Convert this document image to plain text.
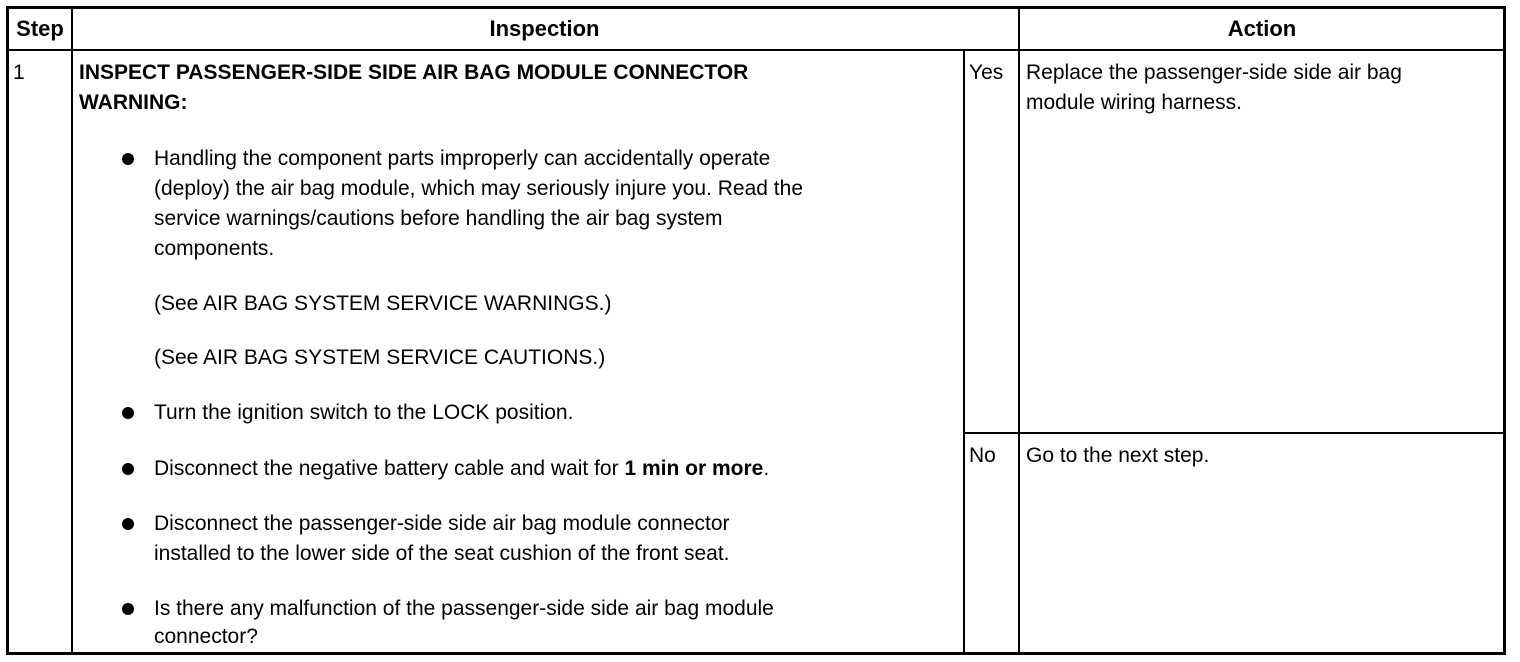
Step	Inspection	Action
1	INSPECT PASSENGER-SIDE SIDE AIR BAG MODULE CONNECTOR
WARNING:
Handling the component parts improperly can accidentally operate
(deploy) the air bag module, which may seriously injure you. Read the
service warnings/cautions before handling the air bag system
components.
(See AIR BAG SYSTEM SERVICE WARNINGS.)
(See AIR BAG SYSTEM SERVICE CAUTIONS.)
Turn the ignition switch to the LOCK position.
Disconnect the negative battery cable and wait for 1 min or more.
Disconnect the passenger-side side air bag module connector
installed to the lower side of the seat cushion of the front seat.
Is there any malfunction of the passenger-side side air bag module
connector?
Yes Replace the passenger-side side air bag
module wiring harness.
No Go to the next step.
